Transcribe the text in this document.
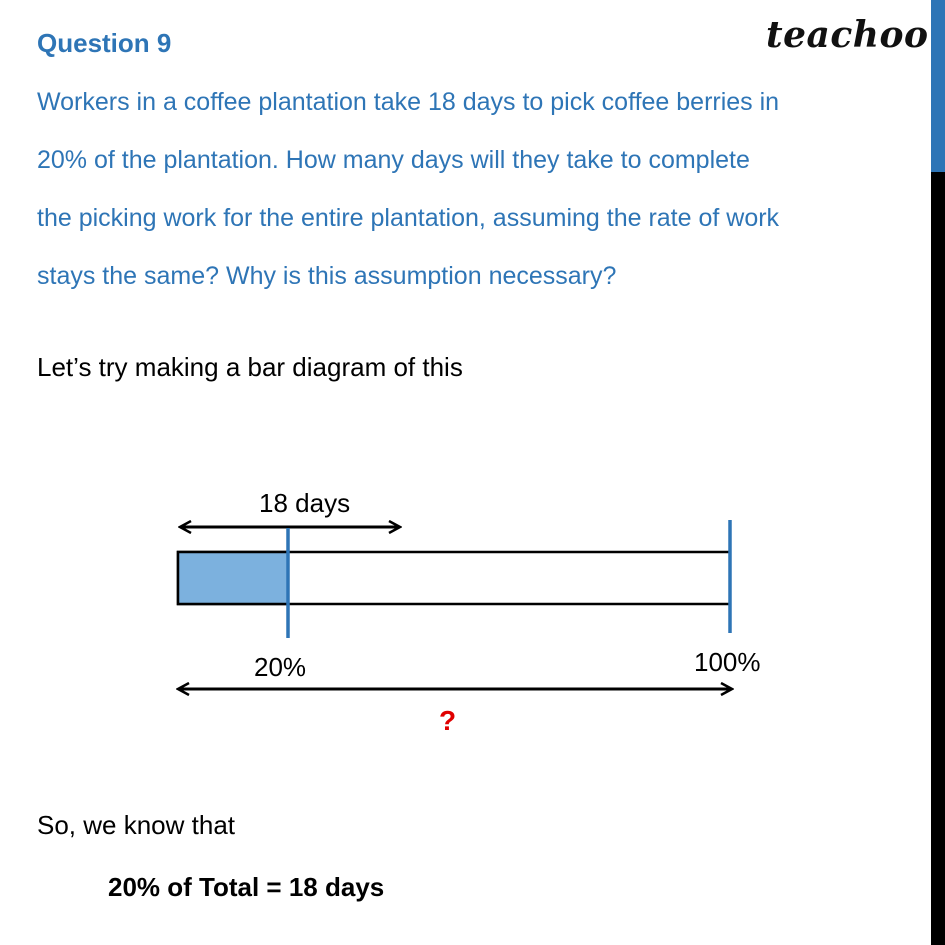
Question 9	teachoo
Workers in a coffee plantation take 18 days to pick coffee berries in
20% of the plantation. How many days will they take to complete
the picking work for the entire plantation, assuming the rate of work
stays the same? Why is this assumption necessary?
Let’s try making a bar diagram of this
18 days
20%	100%
?
So, we know that
20% of Total = 18 days
